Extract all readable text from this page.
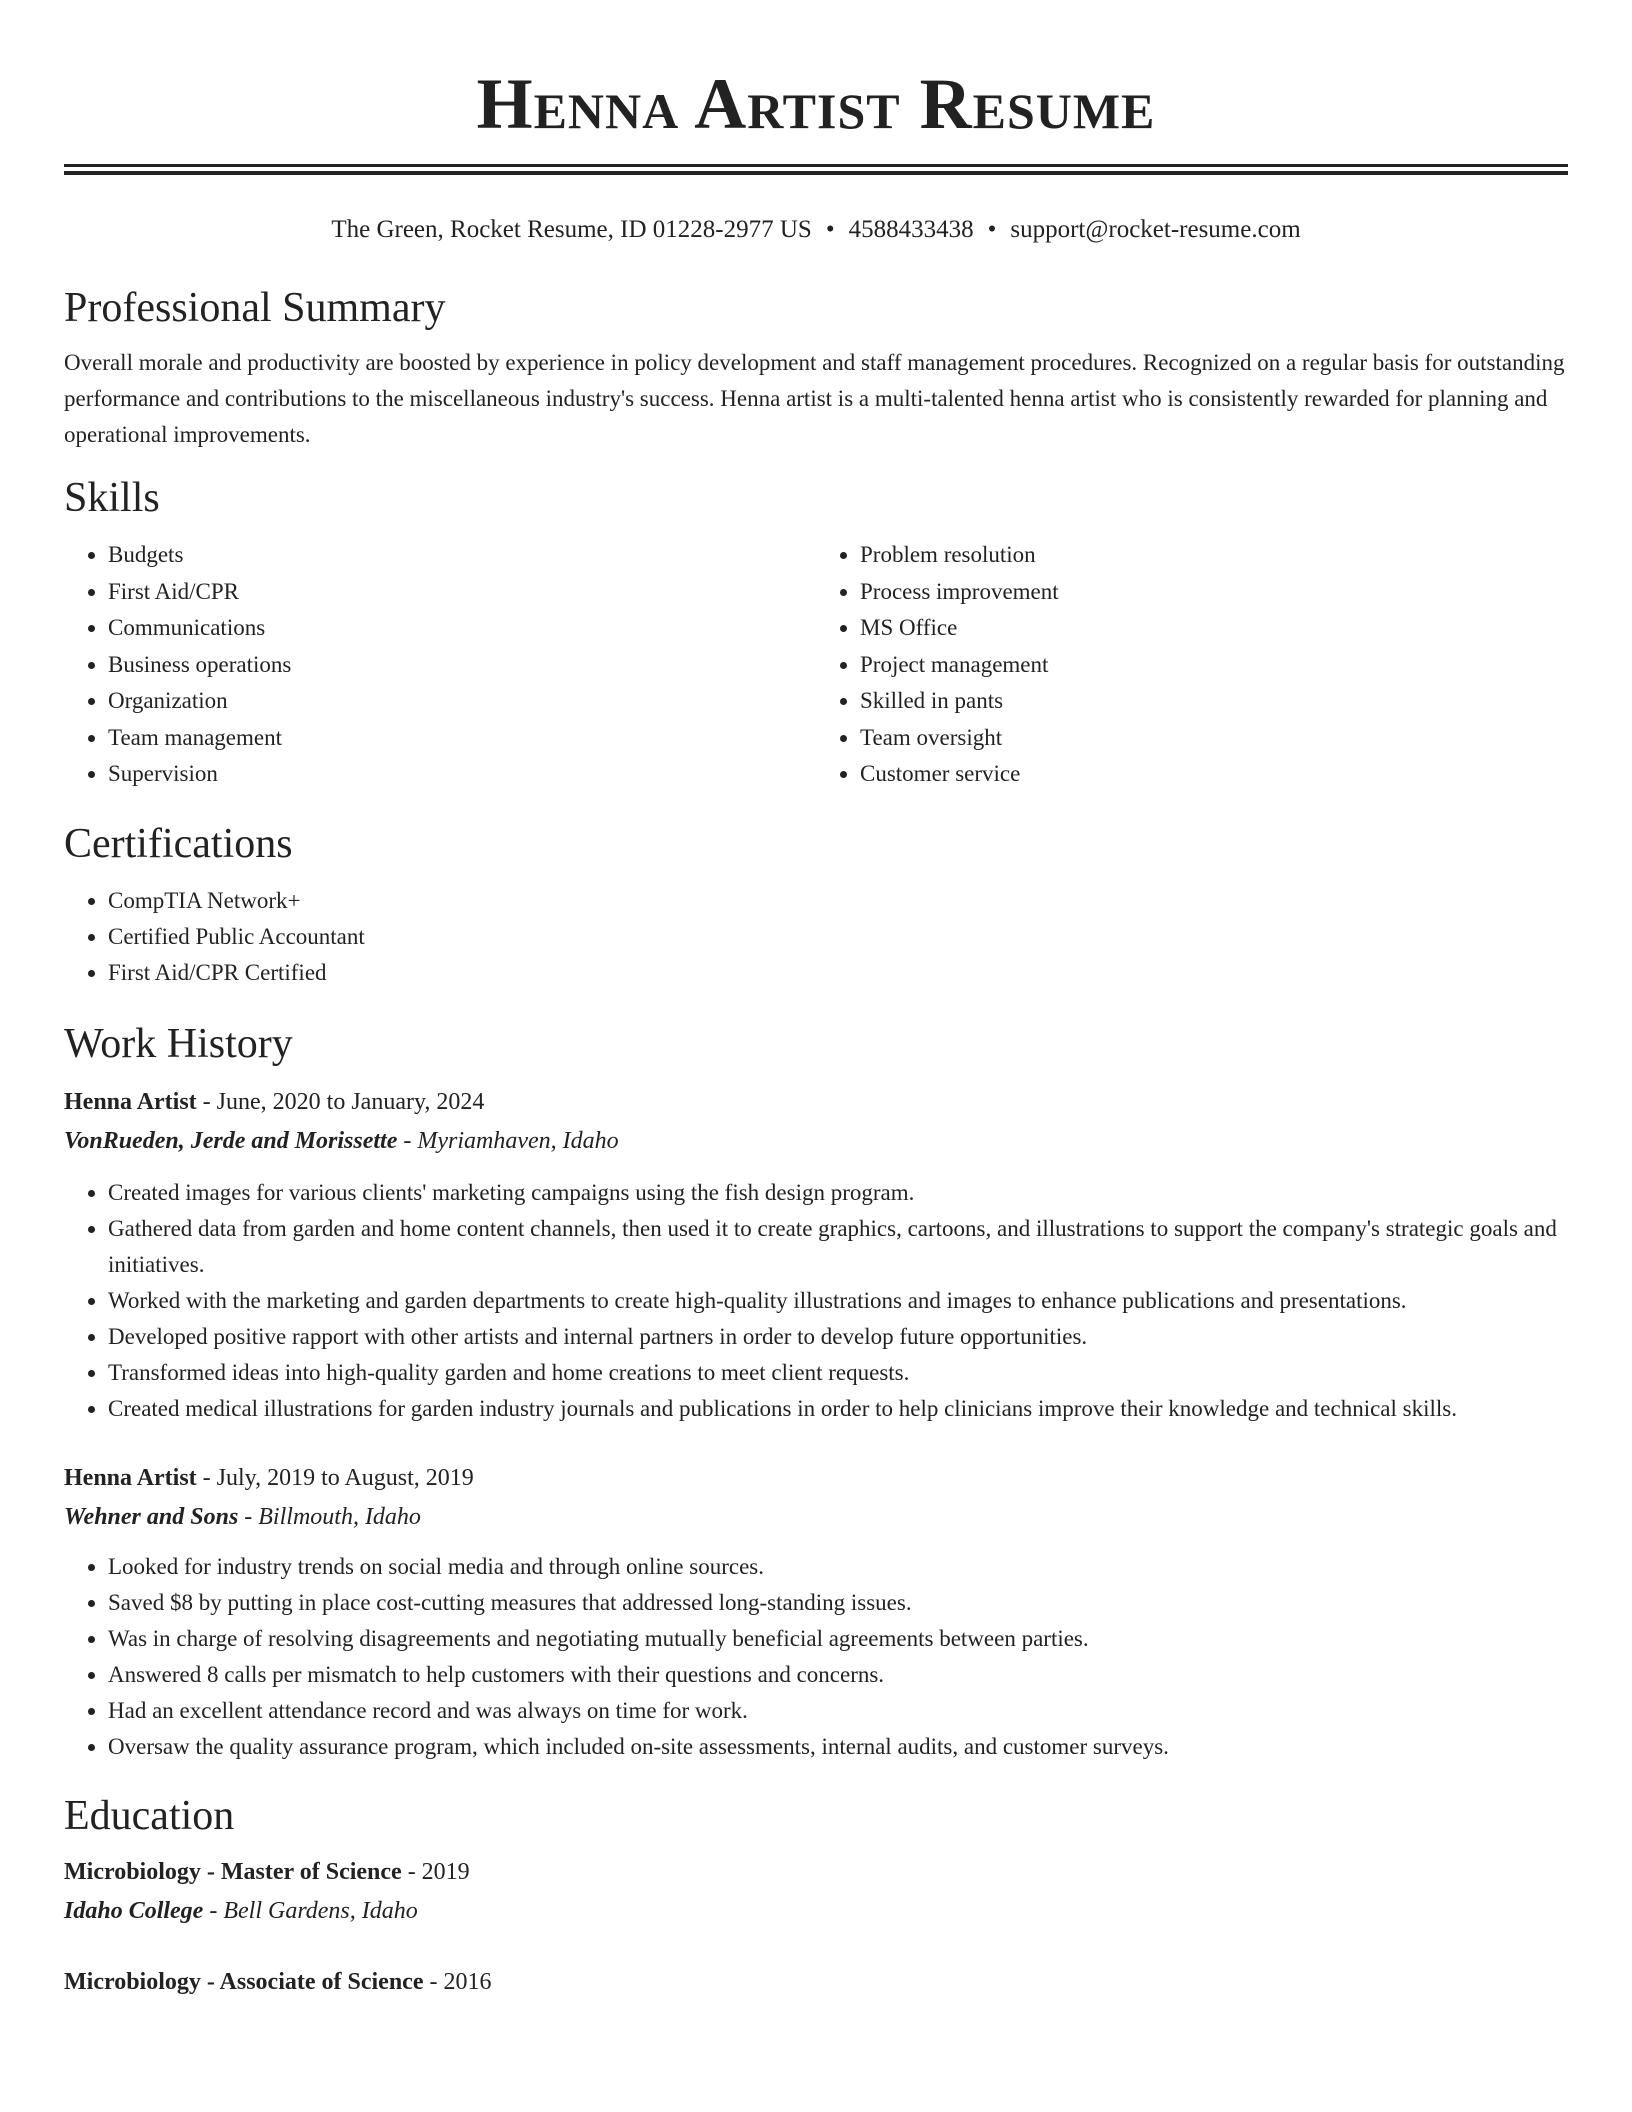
Henna Artist Resume
The Green, Rocket Resume, ID 01228-2977 US • 4588433438 • support@rocket-resume.com
Professional Summary

Overall morale and productivity are boosted by experience in policy development and staff management procedures. Recognized on a regular basis for outstanding performance and contributions to the miscellaneous industry's success. Henna artist is a multi-talented henna artist who is consistently rewarded for planning and operational improvements.

Skills
• Budgets
• First Aid/CPR
• Communications
• Business operations
• Organization
• Team management
• Supervision
• Problem resolution
• Process improvement
• MS Office
• Project management
• Skilled in pants
• Team oversight
• Customer service
Certifications
• CompTIA Network+
• Certified Public Accountant
• First Aid/CPR Certified
Work History
Henna Artist - June, 2020 to January, 2024
VonRueden, Jerde and Morissette - Myriamhaven, Idaho
• Created images for various clients' marketing campaigns using the fish design program.
• Gathered data from garden and home content channels, then used it to create graphics, cartoons, and illustrations to support the company's strategic goals and initiatives.
• Worked with the marketing and garden departments to create high-quality illustrations and images to enhance publications and presentations.
• Developed positive rapport with other artists and internal partners in order to develop future opportunities.
• Transformed ideas into high-quality garden and home creations to meet client requests.
• Created medical illustrations for garden industry journals and publications in order to help clinicians improve their knowledge and technical skills.
Henna Artist - July, 2019 to August, 2019
Wehner and Sons - Billmouth, Idaho
• Looked for industry trends on social media and through online sources.
• Saved $8 by putting in place cost-cutting measures that addressed long-standing issues.
• Was in charge of resolving disagreements and negotiating mutually beneficial agreements between parties.
• Answered 8 calls per mismatch to help customers with their questions and concerns.
• Had an excellent attendance record and was always on time for work.
• Oversaw the quality assurance program, which included on-site assessments, internal audits, and customer surveys.
Education
Microbiology - Master of Science - 2019
Idaho College - Bell Gardens, Idaho
Microbiology - Associate of Science - 2016
